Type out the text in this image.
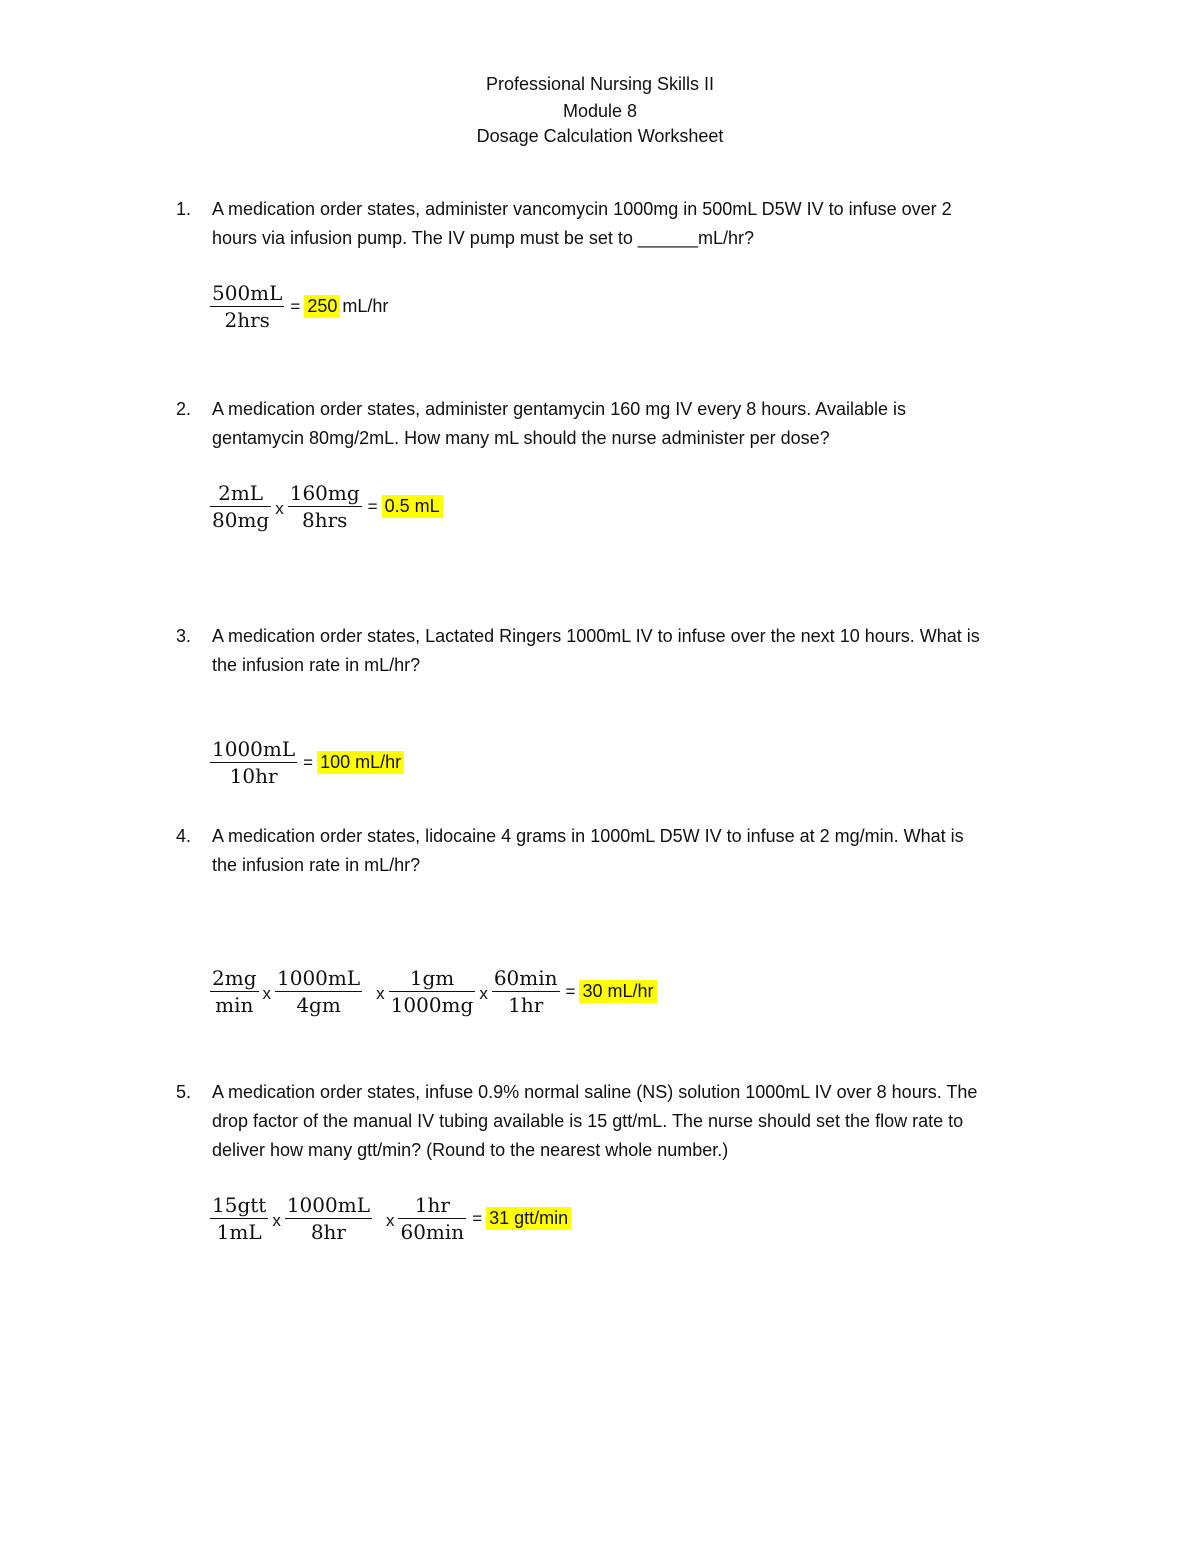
Professional Nursing Skills II
Module 8
Dosage Calculation Worksheet
1. A medication order states, administer vancomycin 1000mg in 500mL D5W IV to infuse over 2
hours via infusion pump. The IV pump must be set to ______mL/hr?
$\frac{500mL}{\text{2hrs}} = 250$ mL/hr
2. A medication order states, administer gentamycin 160 mg IV every 8 hours. Available is
gentamycin 80mg/2mL. How many mL should the nurse administer per dose?
$\frac{2mL}{80mg}$ x $\frac{160mg}{\text{8hrs}} = 0.5$ mL
3. A medication order states, Lactated Ringers 1000mL IV to infuse over the next 10 hours. What is
the infusion rate in mL/hr?
$\frac{1000mL}{10hr} = 100$ mL/hr
4. A medication order states, lidocaine 4 grams in 1000mL D5W IV to infuse at 2 mg/min. What is
the infusion rate in mL/hr?
$\frac{2mg}{\min}$ x $\frac{1000mL}{4gm}$ x $\frac{1gm}{1000mg}$ x $\frac{60\min}{1hr} = 30$ mL/hr
5. A medication order states, infuse 0.9% normal saline (NS) solution 1000mL IV over 8 hours. The
drop factor of the manual IV tubing available is 15 gtt/mL. The nurse should set the flow rate to
deliver how many gtt/min? (Round to the nearest whole number.)
$\frac{\text{15gtt}}{1mL}$ x $\frac{1000mL}{8hr}$ x $\frac{1hr}{60\min} = 31$ gtt/min
